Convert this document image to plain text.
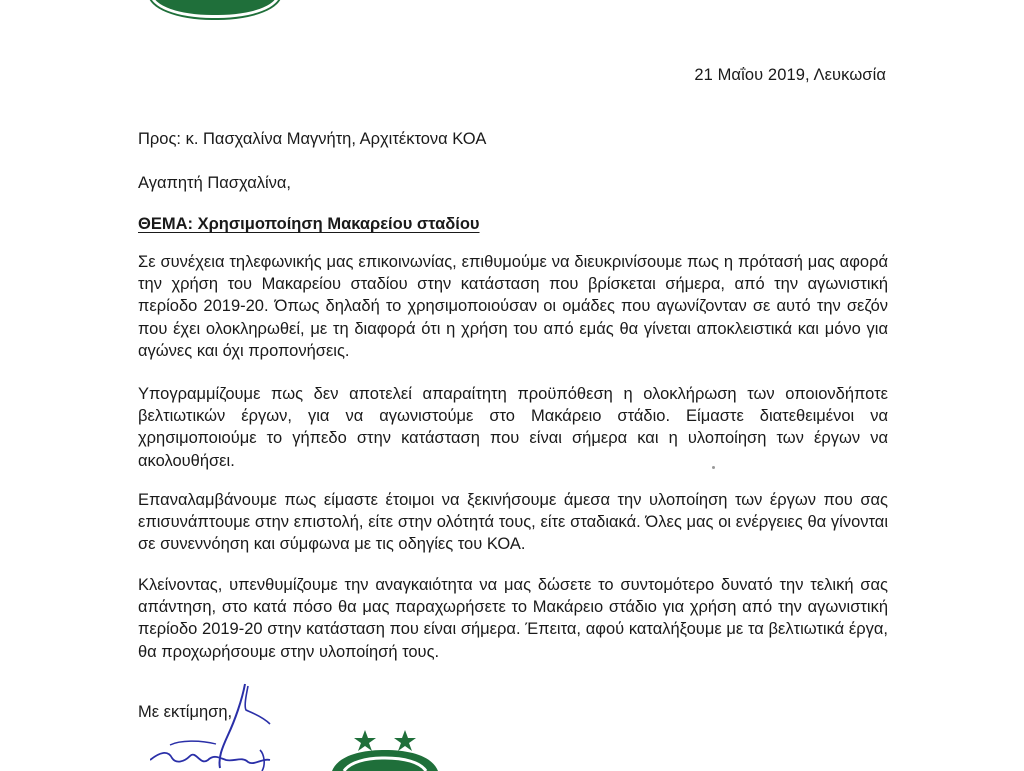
21 Μαΐου 2019, Λευκωσία
Προς: κ. Πασχαλίνα Μαγνήτη, Αρχιτέκτονα ΚΟΑ
Αγαπητή Πασχαλίνα,
ΘΕΜΑ: Χρησιμοποίηση Μακαρείου σταδίου

Σε συνέχεια τηλεφωνικής μας επικοινωνίας, επιθυμούμε να διευκρινίσουμε πως η πρότασή μας αφορά την χρήση του Μακαρείου σταδίου στην κατάσταση που βρίσκεται σήμερα, από την αγωνιστική περίοδο 2019-20. Όπως δηλαδή το χρησιμοποιούσαν οι ομάδες που αγωνίζονταν σε αυτό την σεζόν που έχει ολοκληρωθεί, με τη διαφορά ότι η χρήση του από εμάς θα γίνεται αποκλειστικά και μόνο για αγώνες και όχι προπονήσεις.

Υπογραμμίζουμε πως δεν αποτελεί απαραίτητη προϋπόθεση η ολοκλήρωση των οποιονδήποτε βελτιωτικών έργων, για να αγωνιστούμε στο Μακάρειο στάδιο. Είμαστε διατεθειμένοι να χρησιμοποιούμε το γήπεδο στην κατάσταση που είναι σήμερα και η υλοποίηση των έργων να ακολουθήσει.

Επαναλαμβάνουμε πως είμαστε έτοιμοι να ξεκινήσουμε άμεσα την υλοποίηση των έργων που σας επισυνάπτουμε στην επιστολή, είτε στην ολότητά τους, είτε σταδιακά. Όλες μας οι ενέργειες θα γίνονται σε συνεννόηση και σύμφωνα με τις οδηγίες του ΚΟΑ.

Κλείνοντας, υπενθυμίζουμε την αναγκαιότητα να μας δώσετε το συντομότερο δυνατό την τελική σας απάντηση, στο κατά πόσο θα μας παραχωρήσετε το Μακάρειο στάδιο για χρήση από την αγωνιστική περίοδο 2019-20 στην κατάσταση που είναι σήμερα. Έπειτα, αφού καταλήξουμε με τα βελτιωτικά έργα, θα προχωρήσουμε στην υλοποίησή τους.

Με εκτίμηση,
